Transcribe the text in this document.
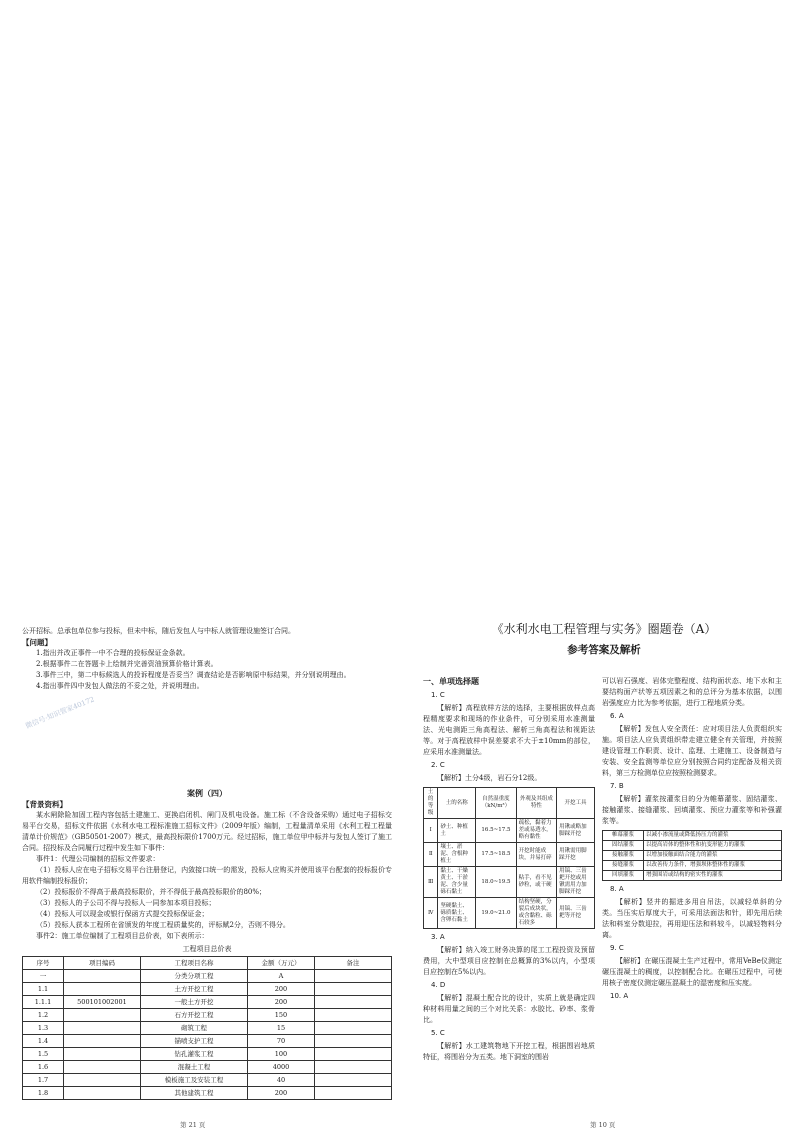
公开招标。总承包单位参与投标，但未中标，随后发包人与中标人就管理设施签订合同。

【问题】

1.指出并改正事件一中不合理的投标保证金条款。

2.根据事件二在答题卡上绘制并完善资油预算价格计算表。

3.事件三中，第二中标候选人的投诉程度是否妥当？调查结论是否影响原中标结果，并分别说明理由。

4.指出事件四中发包人做法的不妥之处，并说明理由。

案例（四）

【背景资料】

某水闸除险加固工程内容包括土建施工、更换启闭机、闸门及机电设备。施工标（不含设备采购）通过电子招标交易平台交易，招标文件依据《水利水电工程标准施工招标文件》（2009年版）编制，工程量清单采用《水利工程工程量清单计价规范》（GB50501-2007）模式，最高投标限价1700万元。经过招标，施工单位甲中标并与发包人签订了施工合同。招投标及合同履行过程中发生如下事件：

事件1：代理公司编制的招标文件要求：

（1）投标人应在电子招标交易平台注册登记，内敛接口统一的需发，投标人应购买并使用该平台配套的投标报价专用软件编制投标报价；

（2）投标报价不得高于最高投标限价，并不得低于最高投标限价的80%；

（3）投标人的子公司不得与投标人一同参加本项目投标；

（4）投标人可以现金或银行保函方式提交投标保证金；

（5）投标人获本工程所在省颁发的年度工程质量奖的，评标赋2分，否则不得分。

事件2：施工单位编制了工程项目总价表，如下表所示：

工程项目总价表

序号	项目编码	工程项目名称	金额（万元）	备注
一		分类分项工程	A	
1.1		土方开挖工程	200	
1.1.1	500101002001	一般土方开挖	200	
1.2		石方开挖工程	150	
1.3		砌筑工程	15	
1.4		锚喷支护工程	70	
1.5		钻孔灌浆工程	100	
1.6		混凝土工程	4000	
1.7		模板施工及安装工程	40	
1.8		其他建筑工程	200	
微信号·知识管家40172
第 21 页
《水利水电工程管理与实务》圈题卷（A）
参考答案及解析
一、单项选择题
1. C

【解析】高程放样方法的选择，主要根据放样点高程精度要求和现场的作业条件，可分别采用水准测量法、光电测距三角高程法、解析三角高程法和视距法等。对于高程放样中误差要求不大于±10mm的部位，应采用水准测量法。

2. C

【解析】土分4级，岩石分12级。

土的等级	土的名称	自然湿重度（kN/m³）	外观及其组成特性	开挖工具
Ⅰ	砂土、种植土	16.5~17.5	疏松，黏着力差或易透水，略有黏性	用锹或略加脚踩开挖
Ⅱ	壤土、淤泥、含根种植土	17.5~18.5	开挖时能成块，并易打碎	用锹需用脚踩开挖
Ⅲ	黏土、干燥黄土、干淤泥、含少量砾石黏土	18.0~19.5	粘手，看不见砂粒，或干硬	用镐、三齿耙开挖或用锹需用力加脚踩开挖
Ⅳ	坚硬黏土、砾质黏土、含卵石黏土	19.0~21.0	结构坚硬，分裂后成块状，或含黏粒、砾石较多	用镐、三齿耙等开挖
3. A

【解析】纳入竣工财务决算的尾工工程投资及预留费用，大中型项目应控制在总概算的3%以内，小型项目应控制在5%以内。

4. D

【解析】混凝土配合比的设计，实质上就是确定四种材料用量之间的三个对比关系：水胶比、砂率、浆骨比。

5. C

【解析】水工建筑物地下开挖工程，根据围岩地质特征，将围岩分为五类。地下洞室的围岩

可以岩石强度、岩体完整程度、结构面状态、地下水和主要结构面产状等五项因素之和的总评分为基本依据，以围岩强度应力比为参考依据，进行工程地质分类。

6. A

【解析】发包人安全责任：应对项目法人负责组织实施。项目法人应负责组织带走建立健全有关管理，并按照建设管理工作职责、设计、监理、土建施工、设备制造与安装、安全监测等单位应分别按照合同约定配备及相关资料，第三方检测单位应按照检测要求。

7. B

【解析】灌浆按灌浆目的分为帷幕灌浆、固结灌浆、接触灌浆、接缝灌浆、回填灌浆、预应力灌浆等和补强灌浆等。

帷幕灌浆	以减小渗流量或降低扬压力的灌浆
固结灌浆	以提高岩体的整体性和抗变形能力的灌浆
接触灌浆	以增加接触面结合能力的灌浆
接缝灌浆	以改善传力条件，增强坝体整体性的灌浆
回填灌浆	增强围岩或结构的密实性的灌浆
8. A

【解析】竖井的掘进多用自吊法，以减轻单斜的分类。当压实后厚度大于，可采用法面法和针，即先用后续法和料室分数迎拉，再用迎压法和料较斗，以减轻物料分离。

9. C

【解析】在碾压混凝土生产过程中，常用VeBe仪测定碾压混凝土的稠度，以控制配合比。在碾压过程中，可使用核子密度仪测定碾压混凝土的湿密度和压实度。

10. A
第 10 页
